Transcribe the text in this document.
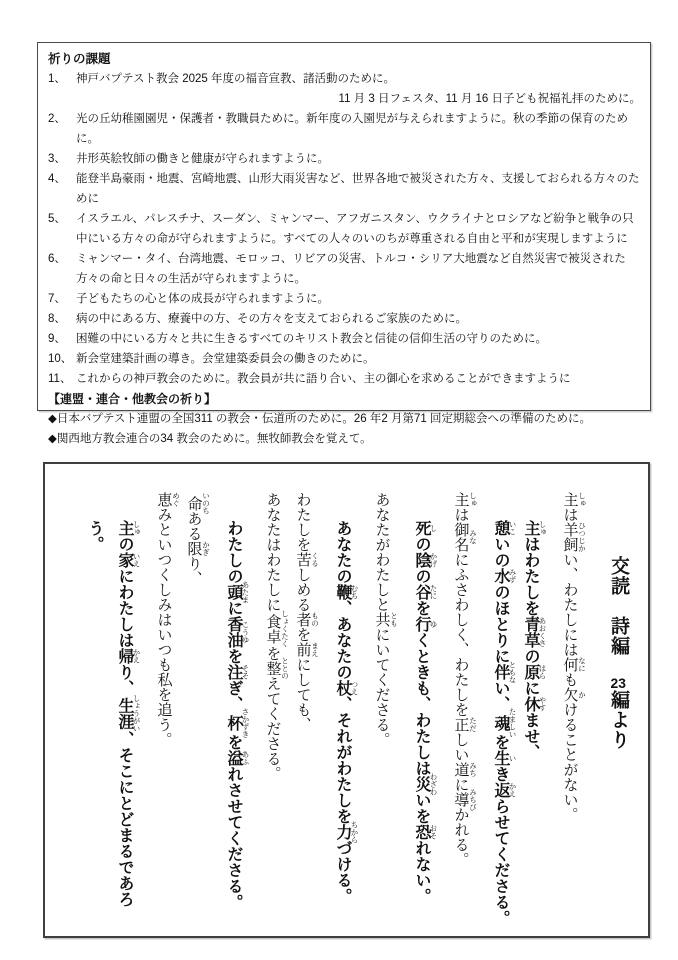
祈りの課題
1、 神戸バプテスト教会 2025 年度の福音宣教、諸活動のために。
11 月 3 日フェスタ、11 月 16 日子ども祝福礼拝のために。
2、 光の丘幼稚園園児・保護者・教職員ために。新年度の入園児が与えられますように。秋の季節の保育のために。
3、 井形英絵牧師の働きと健康が守られますように。
4、 能登半島豪雨・地震、宮崎地震、山形大雨災害など、世界各地で被災された方々、支援しておられる方々のために
5、 イスラエル、パレスチナ、スーダン、ミャンマー、アフガニスタン、ウクライナとロシアなど紛争と戦争の只中にいる方々の命が守られますように。すべての人々のいのちが尊重される自由と平和が実現しますように
6、 ミャンマー・タイ、台湾地震、モロッコ、リビアの災害、トルコ・シリア大地震など自然災害で被災された方々の命と日々の生活が守られますように。
7、 子どもたちの心と体の成長が守られますように。
8、 病の中にある方、療養中の方、その方々を支えておられるご家族のために。
9、 困難の中にいる方々と共に生きるすべてのキリスト教会と信徒の信仰生活の守りのために。
10、 新会堂建築計画の導き。会堂建築委員会の働きのために。
11、 これからの神戸教会のために。教会員が共に語り合い、主の御心を求めることができますように
【連盟・連合・他教会の祈り】
◆日本バプテスト連盟の全国311 の教会・伝道所のために。26 年2 月第71 回定期総会への準備のために。
◆関西地方教会連合の34 教会のために。無牧師教会を覚えて。
交読　詩編　23編より
主 しゅは羊飼 ひつじかい、わたしには何 なにも欠 かけることがない。
主 しゅはわたしを青草 あおくさの原 はらに休 やすませ、
憩 いこいの水 みずのほとりに伴 ともない、魂 たましいを生 いき返 かえらせてくださる。
主 しゅは御名 みなにふさわしく、わたしを正 ただしい道 みちに導 みちびかれる。
死 しの陰 かげの谷 たにを行 ゆくときも、わたしは災 わざわいを恐 おそれない。
あなたがわたしと共 ともにいてくださる。
あなたの鞭 むち、あなたの杖 つえ、それがわたしを力 ちからづける。
わたしを苦 くるしめる者 ものを前 まえにしても、
あなたはわたしに食卓 しょくたくを整 ととのえてくださる。
わたしの頭 あたまに香油 こうゆを注 そそぎ、杯 さかずきを溢 あふれさせてくださる。
命 いのちある限 かぎり、
恵 めぐみといつくしみはいつも私を追う。
主 しゅの家 いえにわたしは帰 かえり、生涯 しょうがい、そこにとどまるであろう。
